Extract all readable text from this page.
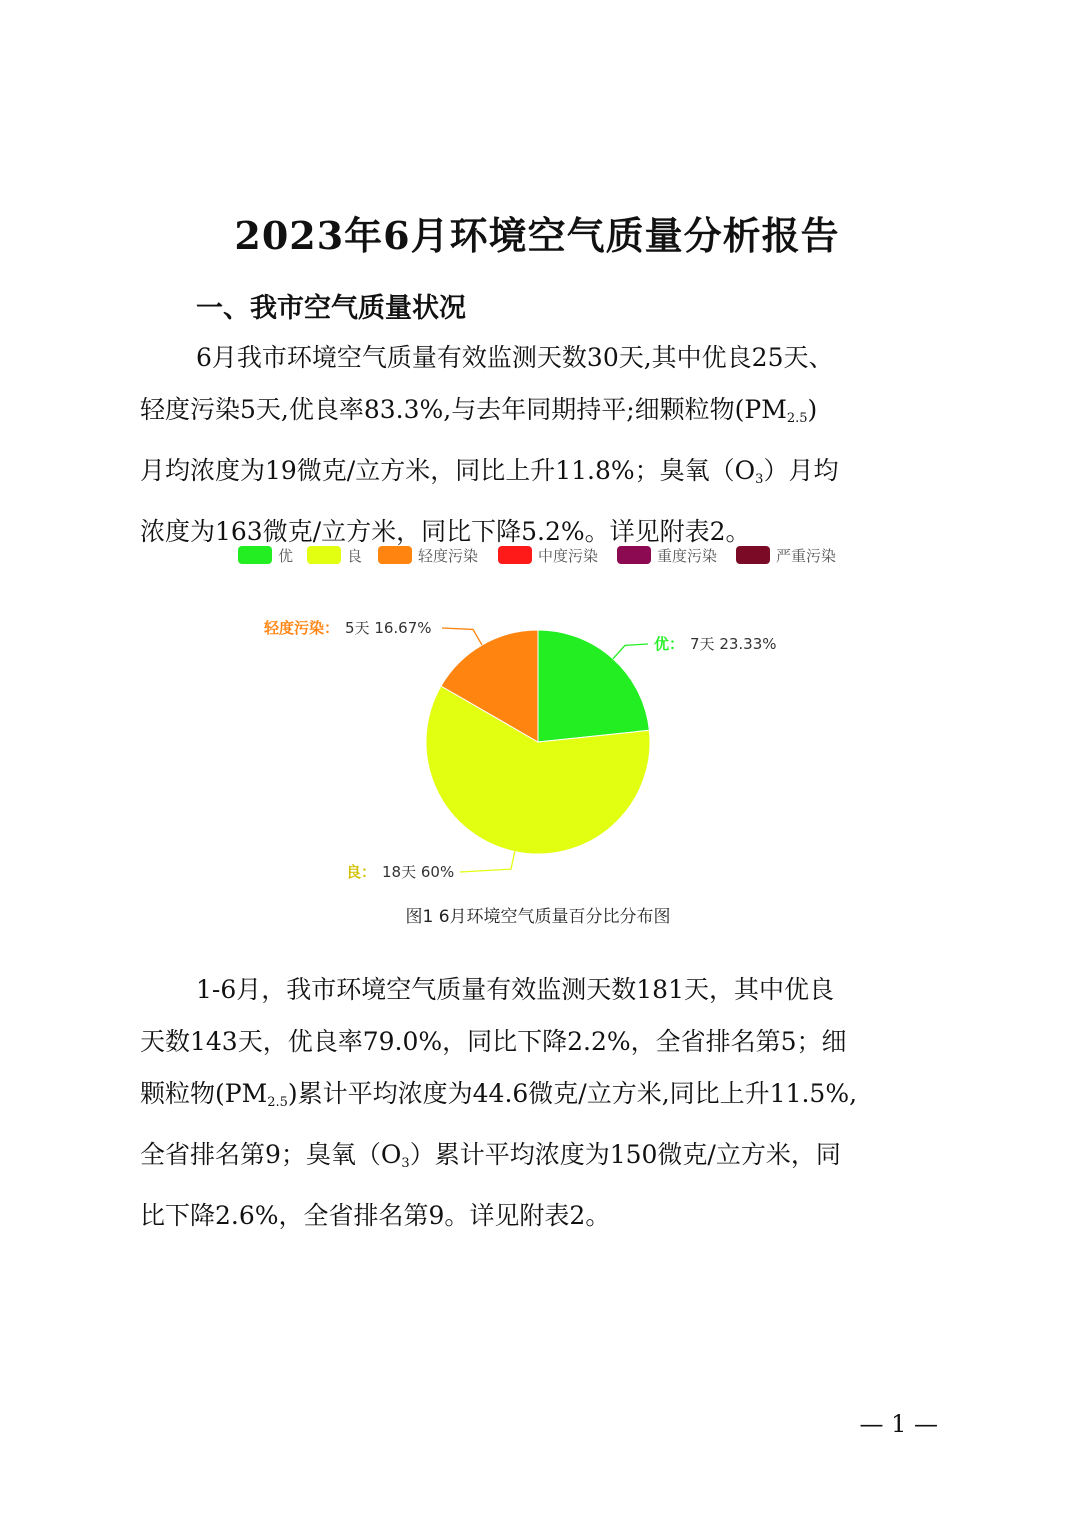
2023年6月环境空气质量分析报告
一、我市空气质量状况
6月我市环境空气质量有效监测天数30天,其中优良25天、
轻度污染5天,优良率83.3%,与去年同期持平;细颗粒物$(PM_{2.5})$
月均浓度为19微克/立方米，同比上升11.8%；臭氧$(O_3)$月均
浓度为163微克/立方米，同比下降5.2%。详见附表2。
优	良	轻度污染	中度污染	重度污染	严重污染
优： 7天 23.33%
良： 18天 60%
轻度污染： 5天 16.67%
图1 6月环境空气质量百分比分布图
1-6月，我市环境空气质量有效监测天数181天，其中优良
天数143天，优良率79.0%，同比下降2.2%，全省排名第5；细
颗粒物$(PM_{2.5})$累计平均浓度为44.6微克/立方米,同比上升11.5%,
全省排名第9；臭氧$(O_3)$累计平均浓度为150微克/立方米，同
比下降2.6%，全省排名第9。详见附表2。
— 1 —
